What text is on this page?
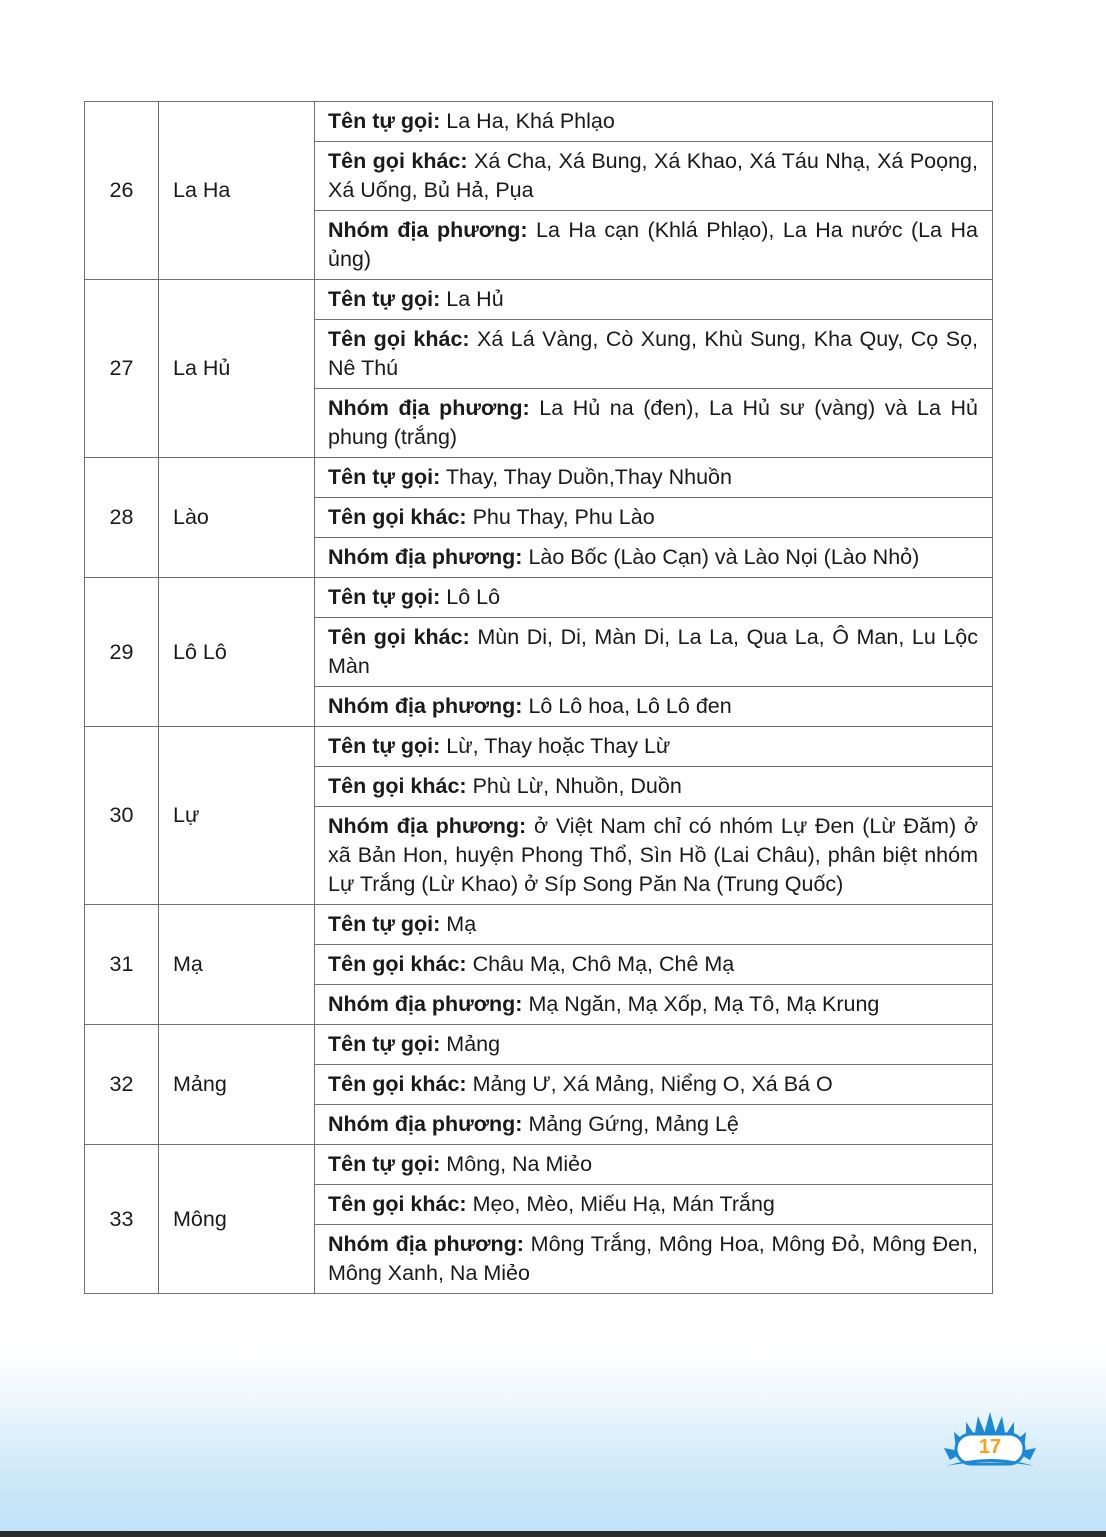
26	La Ha	Tên tự gọi: La Ha, Khá Phlạo
		Tên gọi khác: Xá Cha, Xá Bung, Xá Khao, Xá Táu Nhạ, Xá Poọng, Xá Uống, Bủ Hả, Pụa
		Nhóm địa phương: La Ha cạn (Khlá Phlạo), La Ha nước (La Ha ủng)
27	La Hủ	Tên tự gọi: La Hủ
		Tên gọi khác: Xá Lá Vàng, Cò Xung, Khù Sung, Kha Quy, Cọ Sọ, Nê Thú
		Nhóm địa phương: La Hủ na (đen), La Hủ sư (vàng) và La Hủ phung (trắng)
28	Lào	Tên tự gọi: Thay, Thay Duồn,Thay Nhuồn
		Tên gọi khác: Phu Thay, Phu Lào
		Nhóm địa phương: Lào Bốc (Lào Cạn) và Lào Nọi (Lào Nhỏ)
29	Lô Lô	Tên tự gọi: Lô Lô
		Tên gọi khác: Mùn Di, Di, Màn Di, La La, Qua La, Ô Man, Lu Lộc Màn
		Nhóm địa phương: Lô Lô hoa, Lô Lô đen
30	Lự	Tên tự gọi: Lừ, Thay hoặc Thay Lừ
		Tên gọi khác: Phù Lừ, Nhuồn, Duồn
		Nhóm địa phương: ở Việt Nam chỉ có nhóm Lự Đen (Lừ Đăm) ở xã Bản Hon, huyện Phong Thổ, Sìn Hồ (Lai Châu), phân biệt nhóm Lự Trắng (Lừ Khao) ở Síp Song Păn Na (Trung Quốc)
31	Mạ	Tên tự gọi: Mạ
		Tên gọi khác: Châu Mạ, Chô Mạ, Chê Mạ
		Nhóm địa phương: Mạ Ngăn, Mạ Xốp, Mạ Tô, Mạ Krung
32	Mảng	Tên tự gọi: Mảng
		Tên gọi khác: Mảng Ư, Xá Mảng, Niểng O, Xá Bá O
		Nhóm địa phương: Mảng Gứng, Mảng Lệ
33	Mông	Tên tự gọi: Mông, Na Miẻo
		Tên gọi khác: Mẹo, Mèo, Miếu Hạ, Mán Trắng
		Nhóm địa phương: Mông Trắng, Mông Hoa, Mông Đỏ, Mông Đen, Mông Xanh, Na Miẻo
17
